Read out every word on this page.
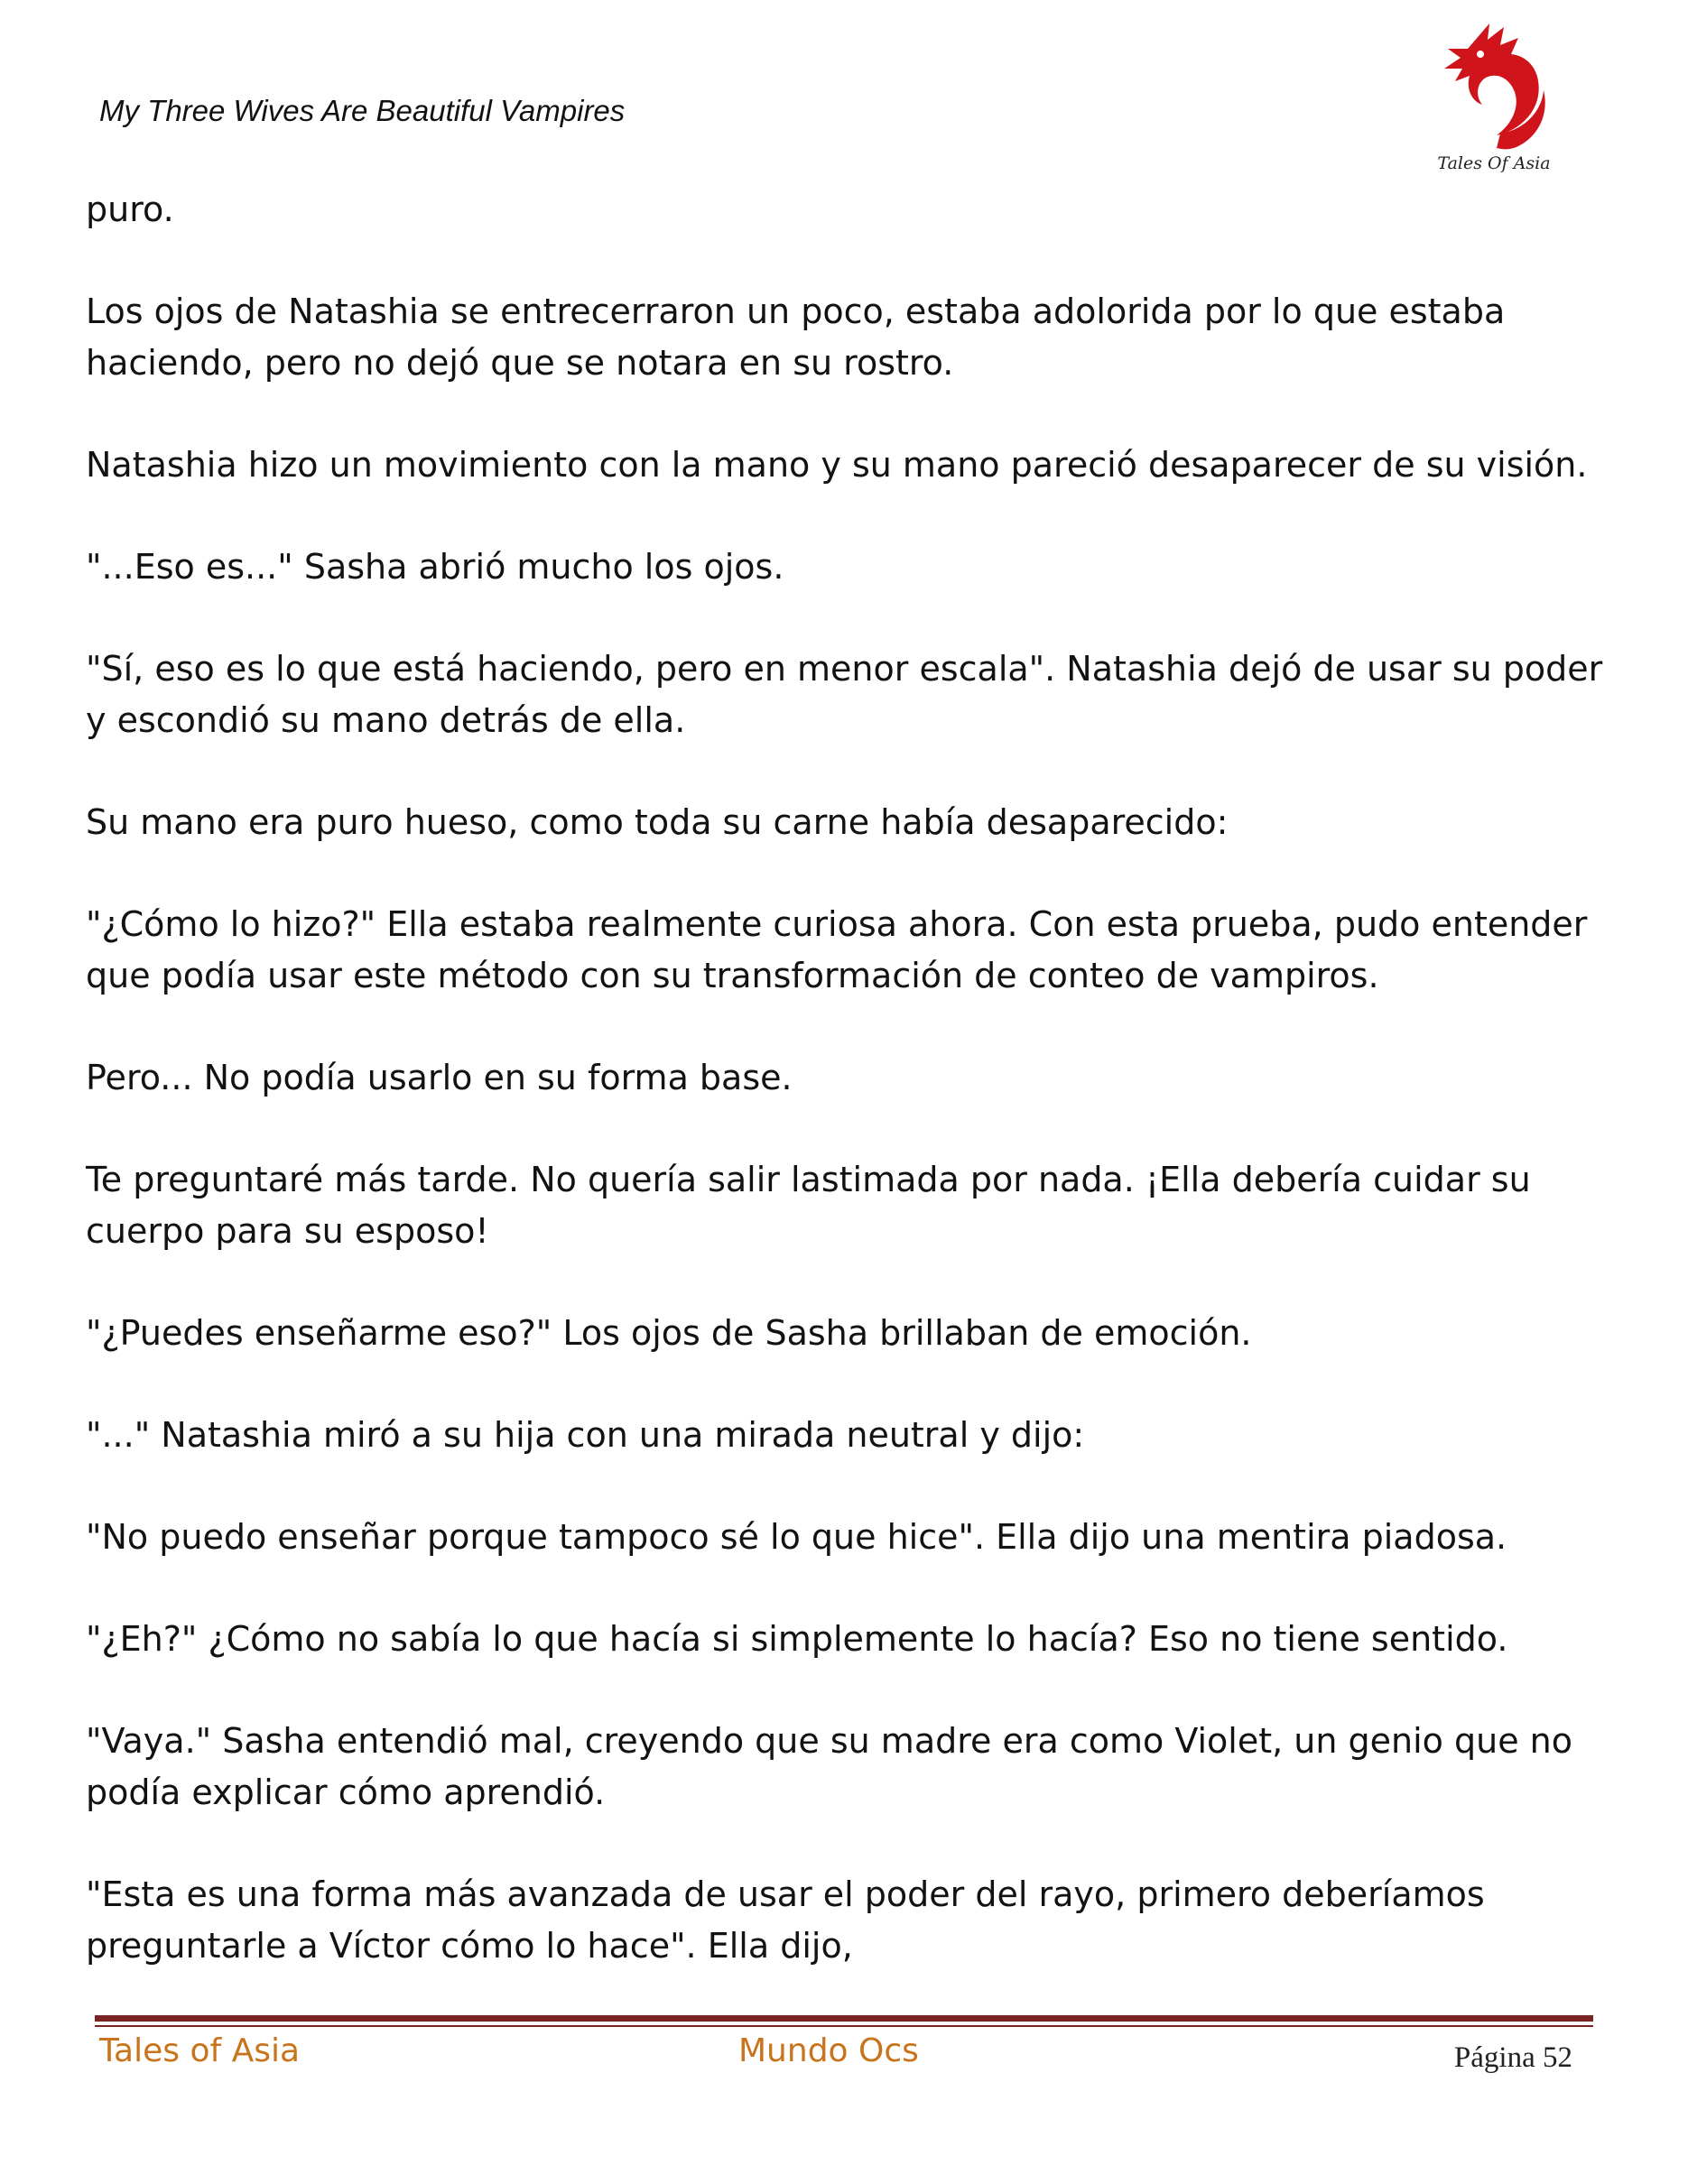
My Three Wives Are Beautiful Vampires
Tales Of Asia

puro.

Los ojos de Natashia se entrecerraron un poco, estaba adolorida por lo que estaba haciendo, pero no dejó que se notara en su rostro.

Natashia hizo un movimiento con la mano y su mano pareció desaparecer de su visión.

"...Eso es..." Sasha abrió mucho los ojos.

"Sí, eso es lo que está haciendo, pero en menor escala". Natashia dejó de usar su poder y escondió su mano detrás de ella.

Su mano era puro hueso, como toda su carne había desaparecido:

"¿Cómo lo hizo?" Ella estaba realmente curiosa ahora. Con esta prueba, pudo entender que podía usar este método con su transformación de conteo de vampiros.

Pero... No podía usarlo en su forma base.

Te preguntaré más tarde. No quería salir lastimada por nada. ¡Ella debería cuidar su cuerpo para su esposo!

"¿Puedes enseñarme eso?" Los ojos de Sasha brillaban de emoción.

"..." Natashia miró a su hija con una mirada neutral y dijo:

"No puedo enseñar porque tampoco sé lo que hice". Ella dijo una mentira piadosa.

"¿Eh?" ¿Cómo no sabía lo que hacía si simplemente lo hacía? Eso no tiene sentido.

"Vaya." Sasha entendió mal, creyendo que su madre era como Violet, un genio que no podía explicar cómo aprendió.

"Esta es una forma más avanzada de usar el poder del rayo, primero deberíamos preguntarle a Víctor cómo lo hace". Ella dijo,

Tales of Asia	Mundo Ocs	Página 52
